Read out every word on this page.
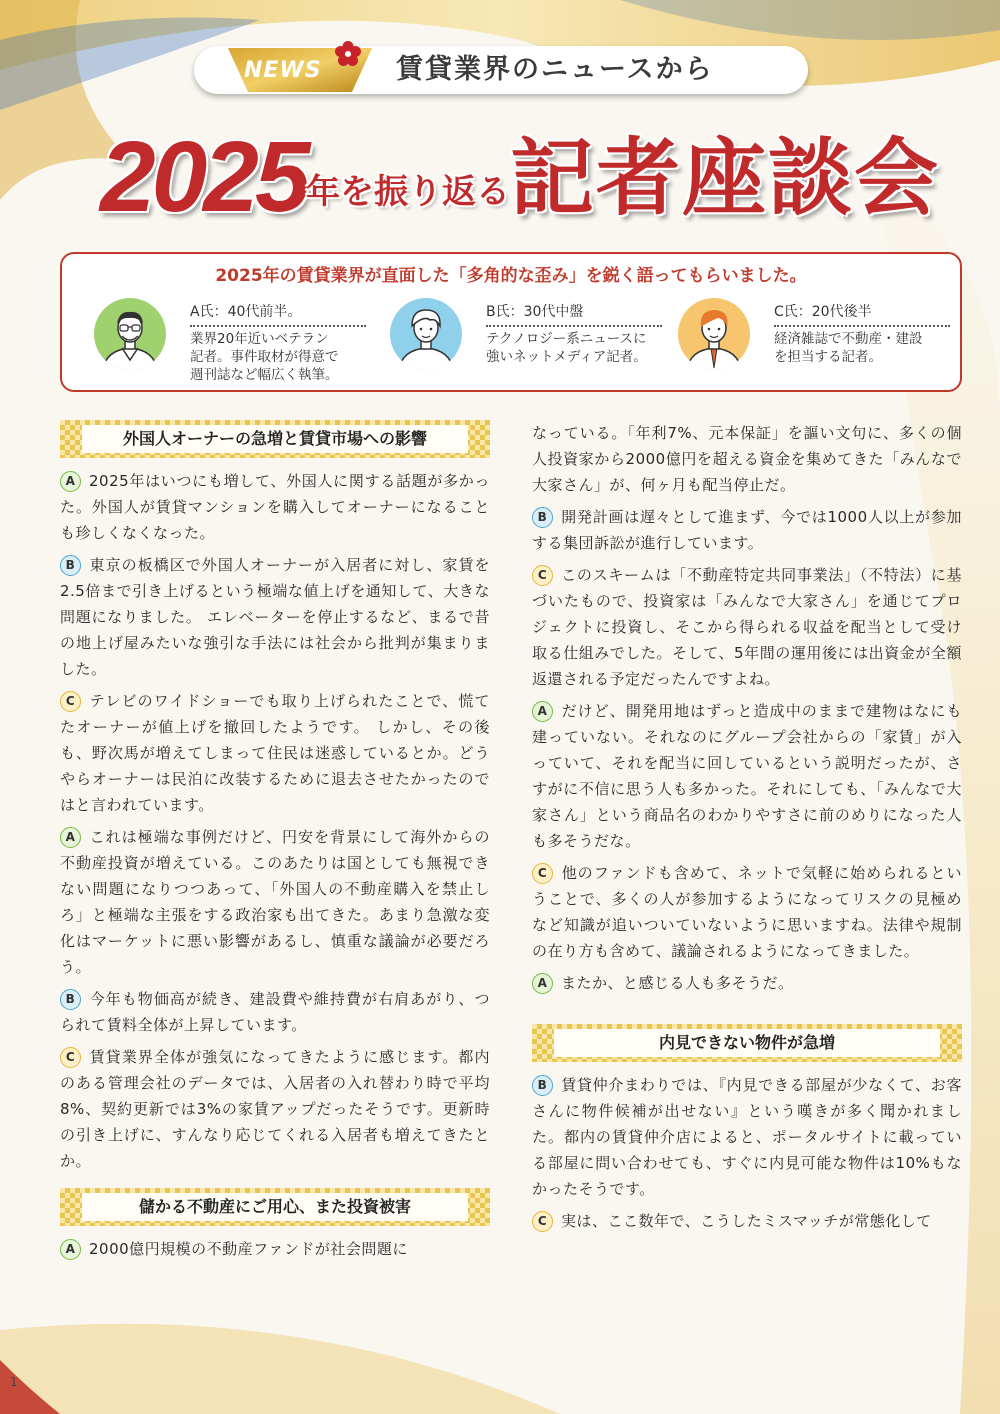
NEWS	賃貸業界のニュースから
2025 年を振り返る 記者座談会
2025年の賃貸業界が直面した「多角的な歪み」を鋭く語ってもらいました。
A氏：40代前半。
業界20年近いベテラン
記者。事件取材が得意で
週刊誌など幅広く執筆。
B氏：30代中盤
テクノロジー系ニュースに
強いネットメディア記者。
C氏：20代後半
経済雑誌で不動産・建設
を担当する記者。
外国人オーナーの急増と賃貸市場への影響

A 2025年はいつにも増して、外国人に関する話題が多かった。外国人が賃貸マンションを購入してオーナーになることも珍しくなくなった。

B 東京の板橋区で外国人オーナーが入居者に対し、家賃を2.5倍まで引き上げるという極端な値上げを通知して、大きな問題になりました。 エレベーターを停止するなど、まるで昔の地上げ屋みたいな強引な手法には社会から批判が集まりました。

C テレビのワイドショーでも取り上げられたことで、慌てたオーナーが値上げを撤回したようです。 しかし、その後も、野次馬が増えてしまって住民は迷惑しているとか。どうやらオーナーは民泊に改装するために退去させたかったのではと言われています。

A これは極端な事例だけど、円安を背景にして海外からの不動産投資が増えている。このあたりは国としても無視できない問題になりつつあって、「外国人の不動産購入を禁止しろ」と極端な主張をする政治家も出てきた。あまり急激な変化はマーケットに悪い影響があるし、慎重な議論が必要だろう。

B 今年も物価高が続き、建設費や維持費が右肩あがり、つられて賃料全体が上昇しています。

C 賃貸業界全体が強気になってきたように感じます。都内のある管理会社のデータでは、入居者の入れ替わり時で平均8%、契約更新では3%の家賃アップだったそうです。更新時の引き上げに、すんなり応じてくれる入居者も増えてきたとか。

儲かる不動産にご用心、また投資被害

A 2000億円規模の不動産ファンドが社会問題に

なっている。「年利7%、元本保証」を謳い文句に、多くの個人投資家から2000億円を超える資金を集めてきた「みんなで大家さん」が、何ヶ月も配当停止だ。

B 開発計画は遅々として進まず、今では1000人以上が参加する集団訴訟が進行しています。

C このスキームは「不動産特定共同事業法」（不特法）に基づいたもので、投資家は「みんなで大家さん」を通じてプロジェクトに投資し、そこから得られる収益を配当として受け取る仕組みでした。そして、5年間の運用後には出資金が全額返還される予定だったんですよね。

A だけど、開発用地はずっと造成中のままで建物はなにも建っていない。それなのにグループ会社からの「家賃」が入っていて、それを配当に回しているという説明だったが、さすがに不信に思う人も多かった。それにしても、「みんなで大家さん」という商品名のわかりやすさに前のめりになった人も多そうだな。

C 他のファンドも含めて、ネットで気軽に始められるということで、多くの人が参加するようになってリスクの見極めなど知識が追いついていないように思いますね。法律や規制の在り方も含めて、議論されるようになってきました。

A またか、と感じる人も多そうだ。

内見できない物件が急増

B 賃貸仲介まわりでは、『内見できる部屋が少なくて、お客さんに物件候補が出せない』という嘆きが多く聞かれました。都内の賃貸仲介店によると、ポータルサイトに載っている部屋に問い合わせても、すぐに内見可能な物件は10%もなかったそうです。

C 実は、ここ数年で、こうしたミスマッチが常態化して

1
